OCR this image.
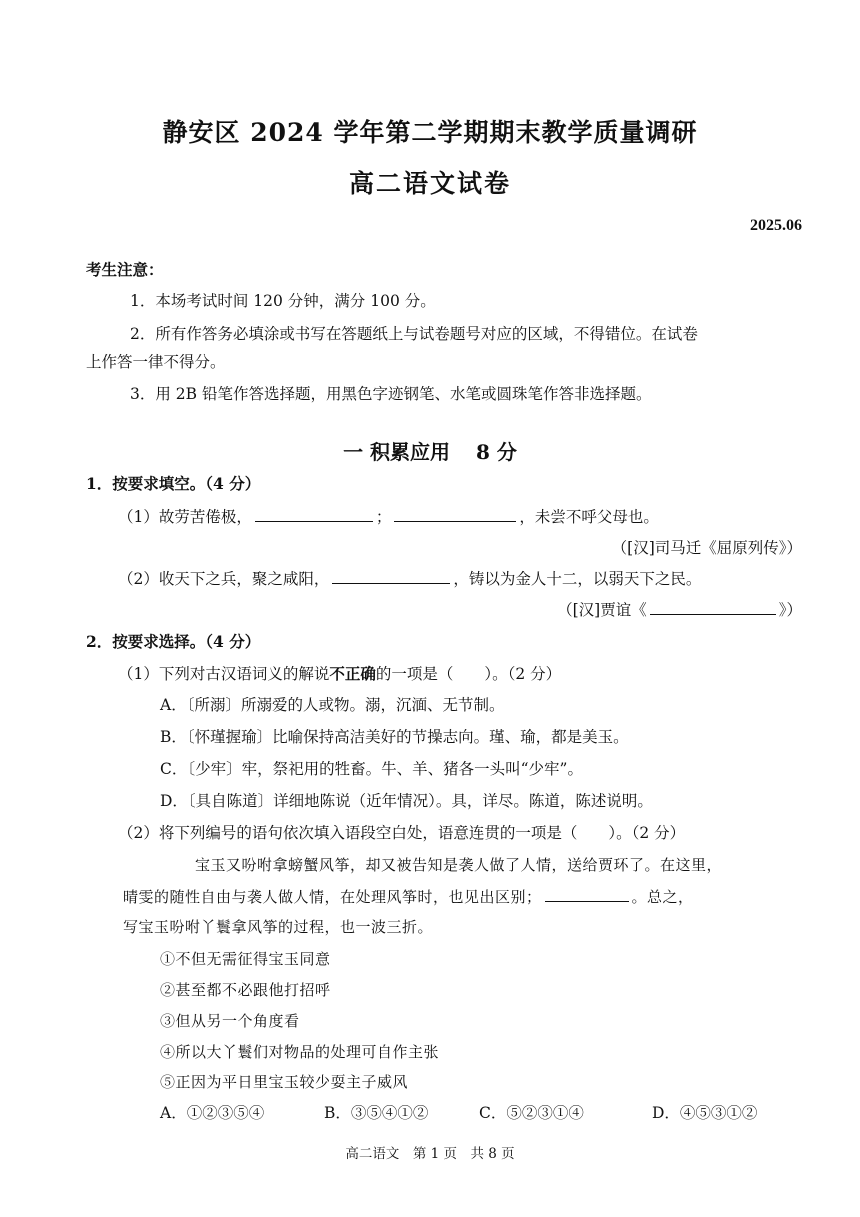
静安区 2024 学年第二学期期末教学质量调研
高二语文试卷
2025.06
考生注意：
1．本场考试时间 120 分钟，满分 100 分。
2．所有作答务必填涂或书写在答题纸上与试卷题号对应的区域，不得错位。在试卷
上作答一律不得分。
3．用 2B 铅笔作答选择题，用黑色字迹钢笔、水笔或圆珠笔作答非选择题。
一 积累应用 8 分
1．按要求填空。（4 分）
（1）故劳苦倦极，	；	，未尝不呼父母也。
（[汉]司马迁《屈原列传》）
（2）收天下之兵，聚之咸阳，	，铸以为金人十二，以弱天下之民。
（[汉]贾谊《	》）
2．按要求选择。（4 分）
（1）下列对古汉语词义的解说不正确的一项是（　　）。（2 分）
A．〔所溺〕所溺爱的人或物。溺，沉湎、无节制。
B．〔怀瑾握瑜〕比喻保持高洁美好的节操志向。瑾、瑜，都是美玉。
C．〔少牢〕牢，祭祀用的牲畜。牛、羊、猪各一头叫“少牢”。
D．〔具自陈道〕详细地陈说（近年情况）。具，详尽。陈道，陈述说明。
（2）将下列编号的语句依次填入语段空白处，语意连贯的一项是（　　）。（2 分）
宝玉又吩咐拿螃蟹风筝，却又被告知是袭人做了人情，送给贾环了。在这里，
晴雯的随性自由与袭人做人情，在处理风筝时，也见出区别；	。总之，
写宝玉吩咐丫鬟拿风筝的过程，也一波三折。
①不但无需征得宝玉同意
②甚至都不必跟他打招呼
③但从另一个角度看
④所以大丫鬟们对物品的处理可自作主张
⑤正因为平日里宝玉较少耍主子威风
A．①②③⑤④	B．③⑤④①②	C．⑤②③①④	D．④⑤③①②
高二语文　第 1 页　共 8 页
